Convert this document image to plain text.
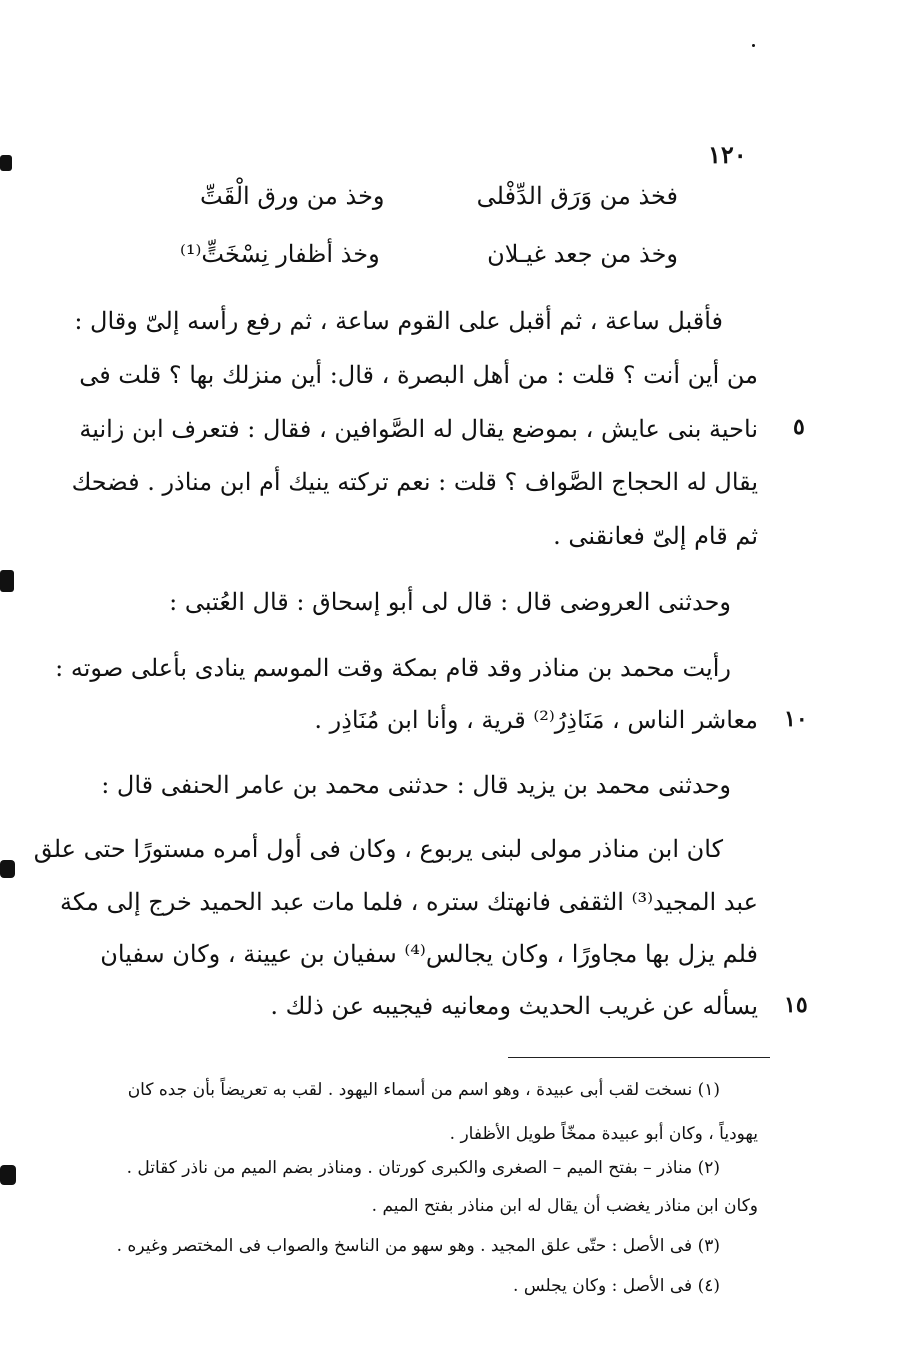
١٢٠
فخذ من وَرَق الدِّفْلى
وخذ من ورق الْقَتِّ
وخذ من جعد غيـلان
وخذ أظفار نِسْخَتٍّ⁽¹⁾
فأقبل ساعة ، ثم أقبل على القوم ساعة ، ثم رفع رأسه إلىّ وقال :
من أين أنت ؟ قلت : من أهل البصرة ، قال: أين منزلك بها ؟ قلت فى
ناحية بنى عايش ، بموضع يقال له الصَّوافين ، فقال : فتعرف ابن زانية
يقال له الحجاج الصَّواف ؟ قلت : نعم تركته ينيك أم ابن مناذر . فضحك
ثم قام إلىّ فعانقنى .
وحدثنى العروضى قال : قال لى أبو إسحاق : قال العُتبى :
رأيت محمد بن مناذر وقد قام بمكة وقت الموسم ينادى بأعلى صوته :
معاشر الناس ، مَنَاذِرُ⁽²⁾ قرية ، وأنا ابن مُنَاذِر .
وحدثنى محمد بن يزيد قال : حدثنى محمد بن عامر الحنفى قال :
كان ابن مناذر مولى لبنى يربوع ، وكان فى أول أمره مستورًا حتى علق
عبد المجيد⁽³⁾ الثقفى فانهتك ستره ، فلما مات عبد الحميد خرج إلى مكة
فلم يزل بها مجاورًا ، وكان يجالس⁽⁴⁾ سفيان بن عيينة ، وكان سفيان
يسأله عن غريب الحديث ومعانيه فيجيبه عن ذلك .
٥
١٠
١٥
(١) نسخت لقب أبى عبيدة ، وهو اسم من أسماء اليهود . لقب به تعريضاً بأن جده كان
يهودياً ، وكان أبو عبيدة ممخّاً طويل الأظفار .
(٢) مناذر – بفتح الميم – الصغرى والكبرى كورتان . ومناذر بضم الميم من ناذر كقاتل .
وكان ابن مناذر يغضب أن يقال له ابن مناذر بفتح الميم .
(٣) فى الأصل : حتّى علق المجيد . وهو سهو من الناسخ والصواب فى المختصر وغيره .
(٤) فى الأصل : وكان يجلس .
